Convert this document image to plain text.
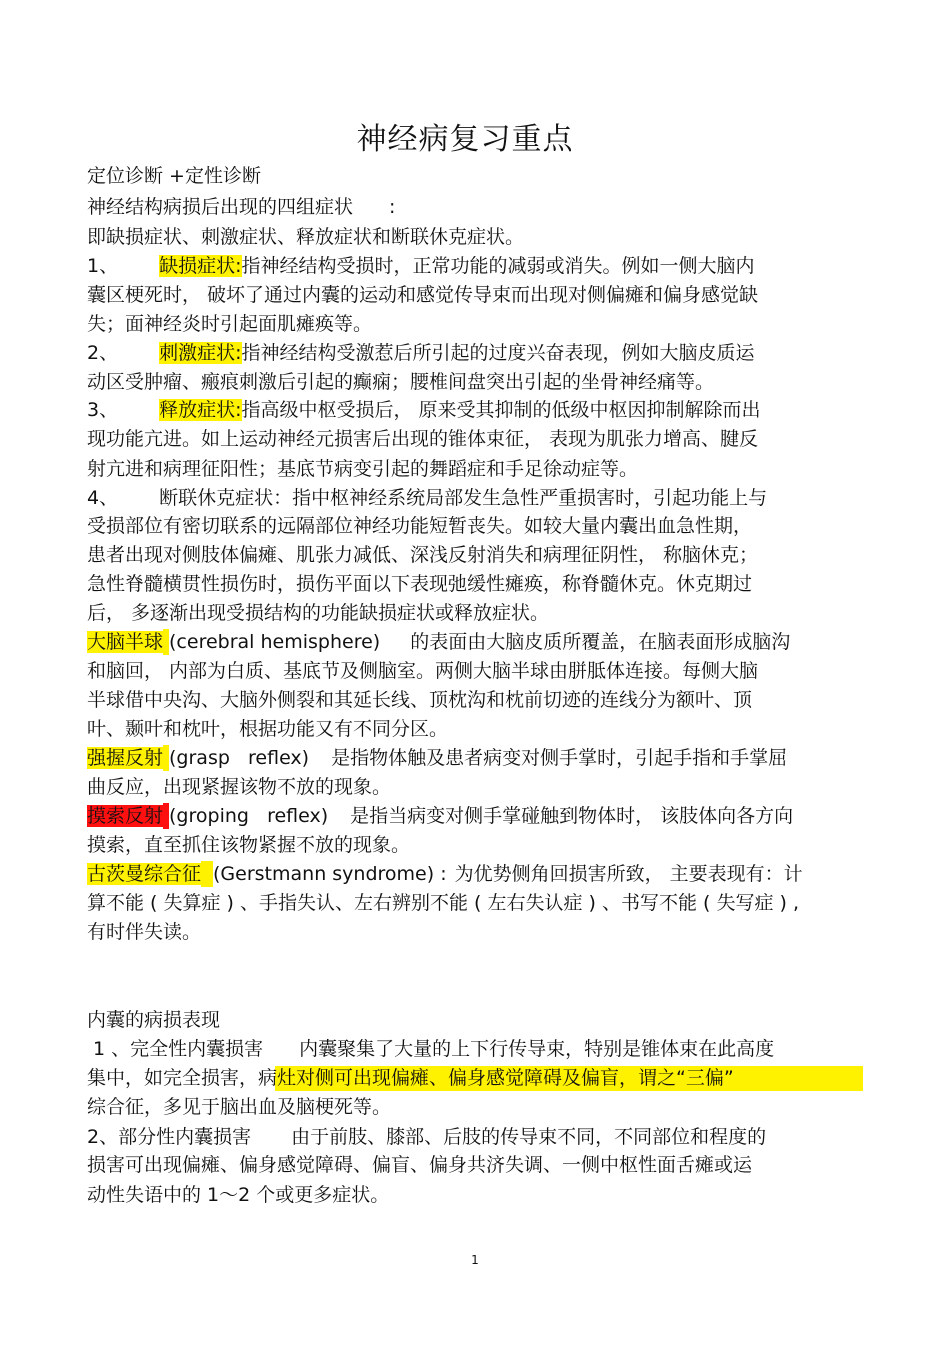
神经病复习重点
定位诊断 +定性诊断
神经结构病损后出现的四组症状 :
即缺损症状、刺激症状、释放症状和断联休克症状。
1、 缺损症状:指神经结构受损时，正常功能的减弱或消失。例如一侧大脑内
囊区梗死时， 破坏了通过内囊的运动和感觉传导束而出现对侧偏瘫和偏身感觉缺
失；面神经炎时引起面肌瘫痪等。
2、 刺激症状:指神经结构受激惹后所引起的过度兴奋表现，例如大脑皮质运
动区受肿瘤、瘢痕刺激后引起的癫痫；腰椎间盘突出引起的坐骨神经痛等。
3、 释放症状:指高级中枢受损后， 原来受其抑制的低级中枢因抑制解除而出
现功能亢进。如上运动神经元损害后出现的锥体束征， 表现为肌张力增高、腱反
射亢进和病理征阳性；基底节病变引起的舞蹈症和手足徐动症等。
4、 断联休克症状：指中枢神经系统局部发生急性严重损害时，引起功能上与
受损部位有密切联系的远隔部位神经功能短暂丧失。如较大量内囊出血急性期，
患者出现对侧肢体偏瘫、肌张力减低、深浅反射消失和病理征阴性， 称脑休克；
急性脊髓横贯性损伤时，损伤平面以下表现弛缓性瘫痪，称脊髓休克。休克期过
后， 多逐渐出现受损结构的功能缺损症状或释放症状。
大脑半球 (cerebral hemisphere) 的表面由大脑皮质所覆盖，在脑表面形成脑沟
和脑回， 内部为白质、基底节及侧脑室。两侧大脑半球由胼胝体连接。每侧大脑
半球借中央沟、大脑外侧裂和其延长线、顶枕沟和枕前切迹的连线分为额叶、顶
叶、颞叶和枕叶，根据功能又有不同分区。
强握反射 (grasp   reflex) 是指物体触及患者病变对侧手掌时，引起手指和手掌屈
曲反应，出现紧握该物不放的现象。
摸索反射 (groping   reflex) 是指当病变对侧手掌碰触到物体时， 该肢体向各方向
摸索，直至抓住该物紧握不放的现象。
古茨曼综合征 (Gerstmann syndrome) : 为优势侧角回损害所致， 主要表现有：计
算不能 ( 失算症 ) 、手指失认、左右辨别不能 ( 左右失认症 ) 、书写不能 ( 失写症 ) ,
有时伴失读。
内囊的病损表现
1 、完全性内囊损害 内囊聚集了大量的上下行传导束，特别是锥体束在此高度
集中，如完全损害，病灶对侧可出现偏瘫、偏身感觉障碍及偏盲，谓之“三偏”
综合征，多见于脑出血及脑梗死等。
2、部分性内囊损害 由于前肢、膝部、后肢的传导束不同，不同部位和程度的
损害可出现偏瘫、偏身感觉障碍、偏盲、偏身共济失调、一侧中枢性面舌瘫或运
动性失语中的 1～2 个或更多症状。
1
